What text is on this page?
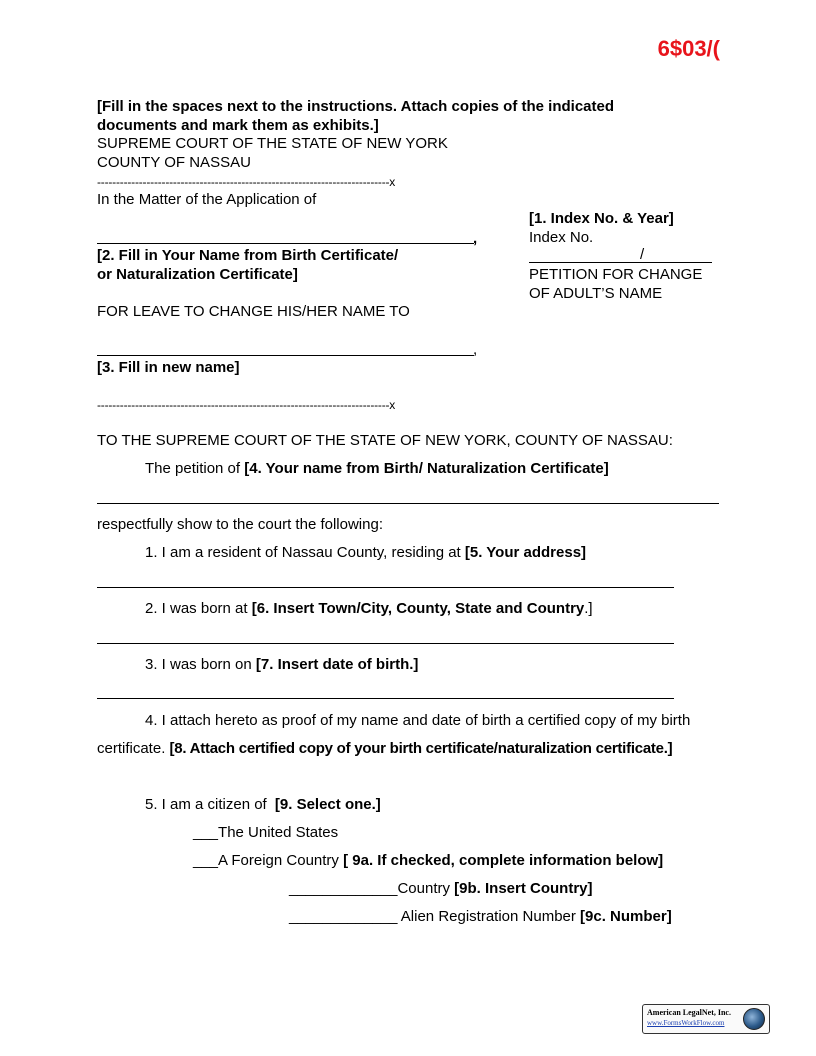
6$03/(
[Fill in the spaces next to the instructions. Attach copies of the indicated
documents and mark them as exhibits.]
SUPREME COURT OF THE STATE OF NEW YORK
COUNTY OF NASSAU
-----------------------------------------------------------------------------x
In the Matter of the Application of
,
[2. Fill in Your Name from Birth Certificate/
or Naturalization Certificate]
FOR LEAVE TO CHANGE HIS/HER NAME TO
,
[3. Fill in new name]
-----------------------------------------------------------------------------x
[1. Index No. & Year]
Index No.
/
PETITION FOR CHANGE
OF ADULT’S NAME
TO THE SUPREME COURT OF THE STATE OF NEW YORK, COUNTY OF NASSAU:
The petition of [4. Your name from Birth/ Naturalization Certificate]
respectfully show to the court the following:
1. I am a resident of Nassau County, residing at [5. Your address]
2. I was born at [6. Insert Town/City, County, State and Country.]
3. I was born on [7. Insert date of birth.]
4. I attach hereto as proof of my name and date of birth a certified copy of my birth
certificate. [8. Attach certified copy of your birth certificate/naturalization certificate.]
5. I am a citizen of [9. Select one.]
___The United States
___A Foreign Country [ 9a. If checked, complete information below]
_____________Country [9b. Insert Country]
_____________ Alien Registration Number [9c. Number]
American LegalNet, Inc.
www.FormsWorkFlow.com
